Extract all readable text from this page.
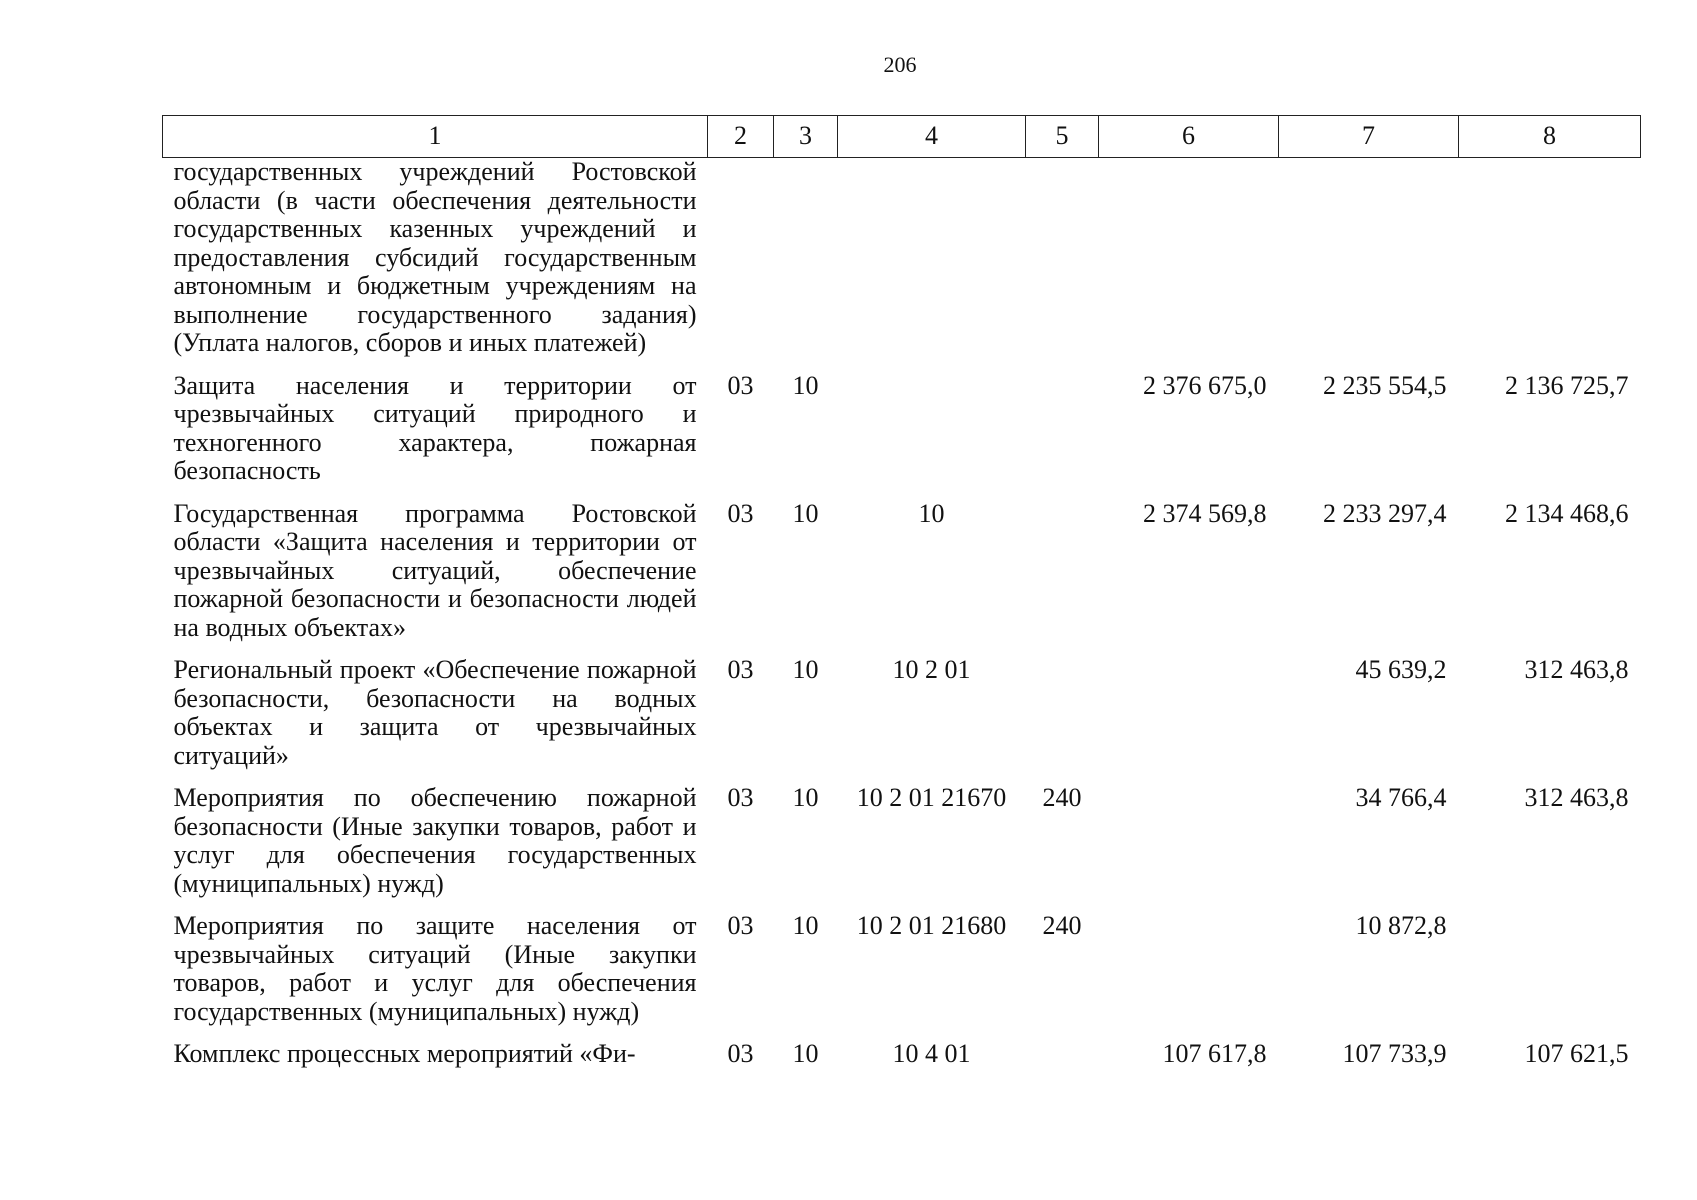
206
1	2	3	4	5	6	7	8
государственных учреждений Ростовской области (в части обеспечения деятельности государственных казенных учреждений и предоставления субсидий государственным автономным и бюджетным учреждениям на выполнение государственного задания) (Уплата налогов, сборов и иных платежей)							
Защита населения и территории от чрезвычайных ситуаций природного и техногенного характера, пожарная безопасность	03	10			2 376 675,0	2 235 554,5	2 136 725,7
Государственная программа Ростовской области «Защита населения и территории от чрезвычайных ситуаций, обеспечение пожарной безопасности и безопасности людей на водных объектах»	03	10	10		2 374 569,8	2 233 297,4	2 134 468,6
Региональный проект «Обеспечение пожарной безопасности, безопасности на водных объектах и защита от чрезвычайных ситуаций»	03	10	10 2 01			45 639,2	312 463,8
Мероприятия по обеспечению пожарной безопасности (Иные закупки товаров, работ и услуг для обеспечения государственных (муниципальных) нужд)	03	10	10 2 01 21670	240		34 766,4	312 463,8
Мероприятия по защите населения от чрезвычайных ситуаций (Иные закупки товаров, работ и услуг для обеспечения государственных (муниципальных) нужд)	03	10	10 2 01 21680	240		10 872,8	
Комплекс процессных мероприятий «Фи-	03	10	10 4 01		107 617,8	107 733,9	107 621,5
